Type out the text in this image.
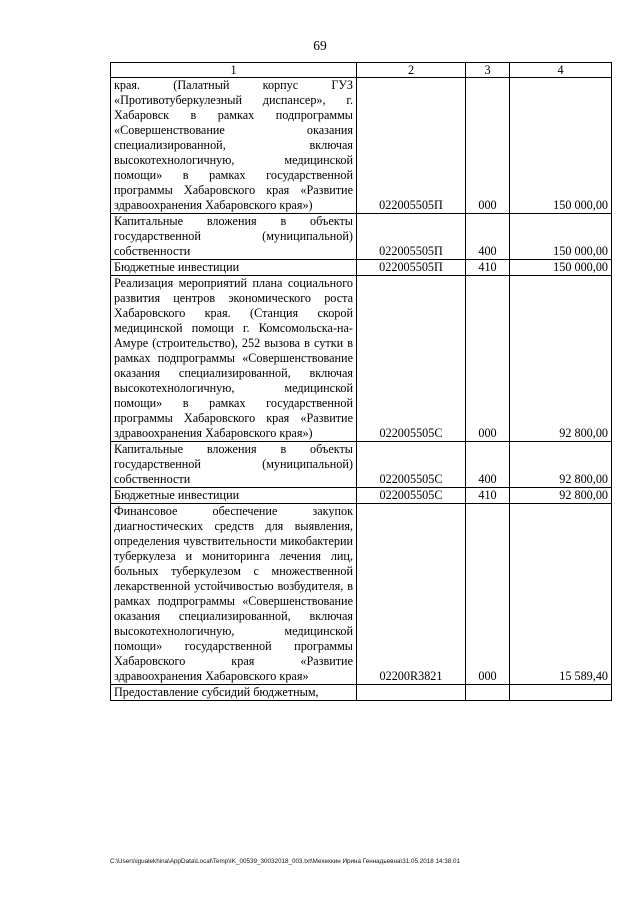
69
1	2	3	4
края. (Палатный корпус ГУЗ «Противотуберкулезный диспансер», г. Хабаровск в рамках подпрограммы «Совершенствование оказания специализированной, включая высокотехнологичную, медицинской помощи» в рамках государственной программы Хабаровского края «Развитие здравоохранения Хабаровского края»)	022005505П	000	150 000,00
Капитальные вложения в объекты государственной (муниципальной) собственности	022005505П	400	150 000,00
Бюджетные инвестиции	022005505П	410	150 000,00
Реализация мероприятий плана социального развития центров экономического роста Хабаровского края. (Станция скорой медицинской помощи г. Комсомольска-на-Амуре (строительство), 252 вызова в сутки в рамках подпрограммы «Совершенствование оказания специализированной, включая высокотехнологичную, медицинской помощи» в рамках государственной программы Хабаровского края «Развитие здравоохранения Хабаровского края»)	022005505С	000	92 800,00
Капитальные вложения в объекты государственной (муниципальной) собственности	022005505С	400	92 800,00
Бюджетные инвестиции	022005505С	410	92 800,00
Финансовое обеспечение закупок диагностических средств для выявления, определения чувствительности микобактерии туберкулеза и мониторинга лечения лиц, больных туберкулезом с множественной лекарственной устойчивостью возбудителя, в рамках подпрограммы «Совершенствование оказания специализированной, включая высокотехнологичную, медицинской помощи» государственной программы Хабаровского края «Развитие здравоохранения Хабаровского края»	02200R3821	000	15 589,40
Предоставление субсидий бюджетным,			
C:\Users\igualekhina\AppData\Local\Temp\IK_00539_30032018_003.txt\Мехехкин Ирина Геннадьевна\31.05.2018 14:38:01
